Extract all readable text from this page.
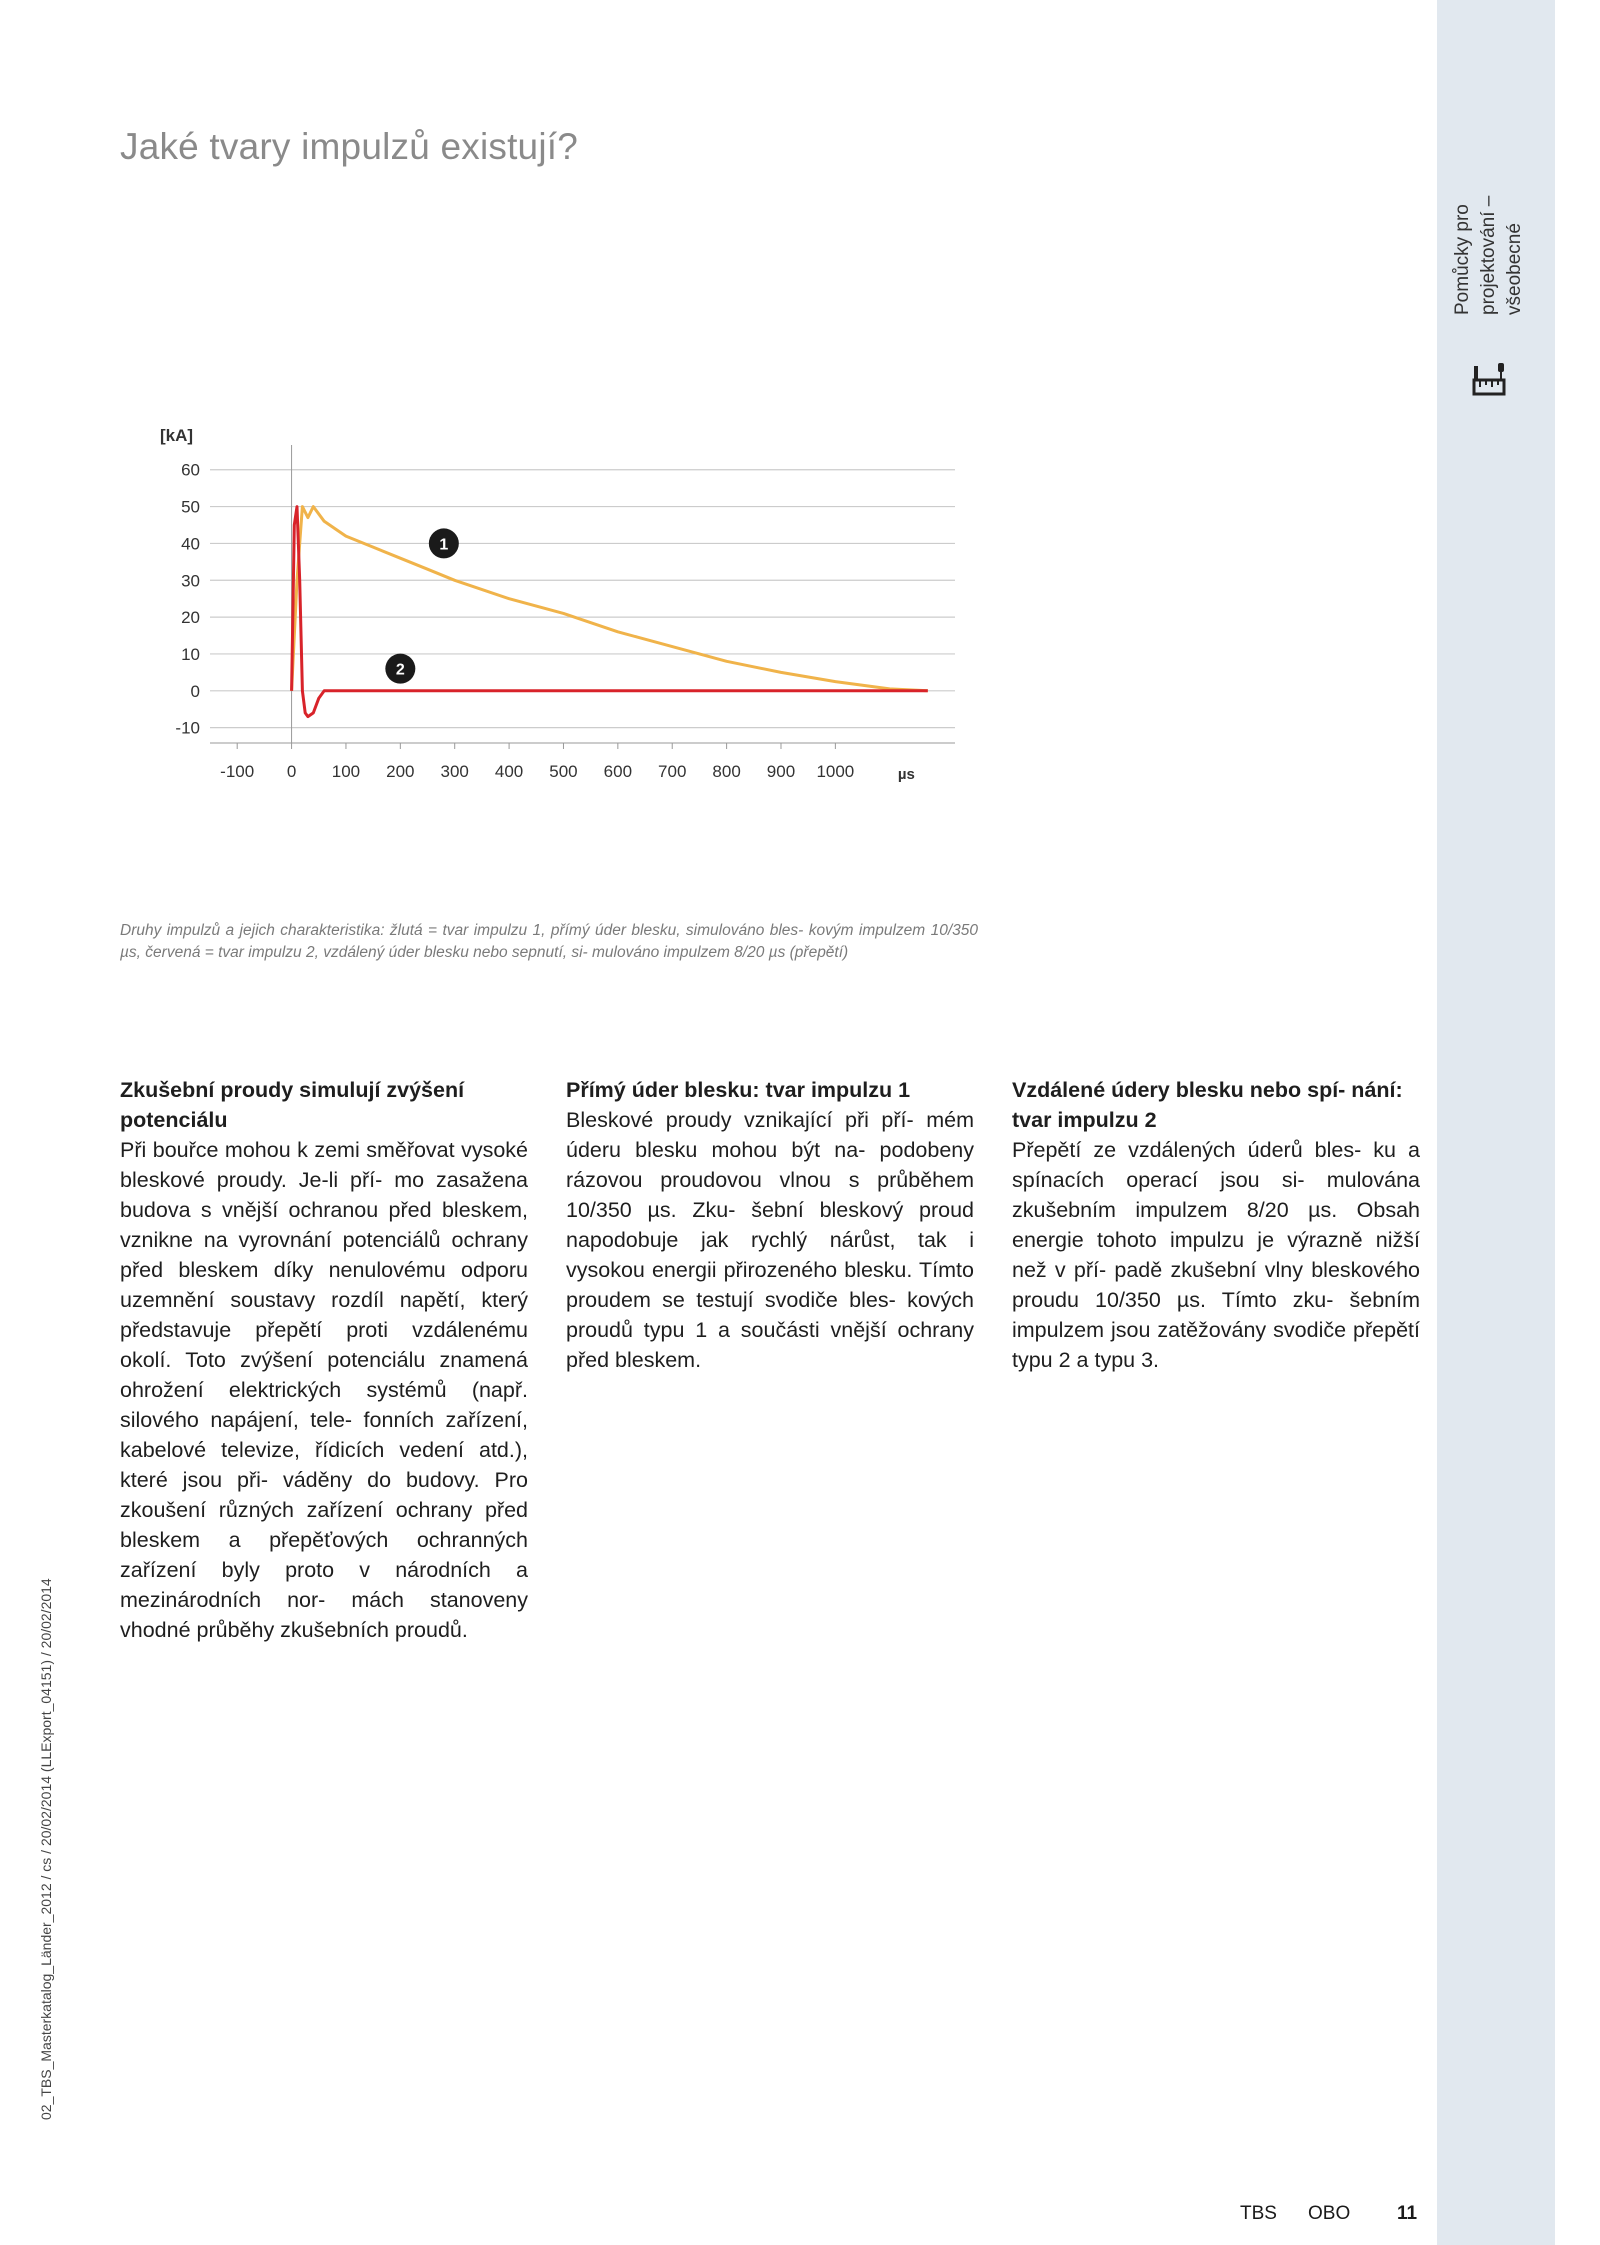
Pomůcky pro projektování – všeobecné
Jaké tvary impulzů existují?
60
50
40
30
20
10
0
-10
[kA]
-100 0 100 200 300 400 500 600 700 800 900 1000	µs
1
2

Druhy impulzů a jejich charakteristika: žlutá = tvar impulzu 1, přímý úder blesku, simulováno bles- kovým impulzem 10/350 µs, červená = tvar impulzu 2, vzdálený úder blesku nebo sepnutí, si- mulováno impulzem 8/20 µs (přepětí)

Zkušební proudy simulují zvýšení potenciálu

Při bouřce mohou k zemi směřovat vysoké bleskové proudy. Je-li pří- mo zasažena budova s vnější ochranou před bleskem, vznikne na vyrovnání potenciálů ochrany před bleskem díky nenulovému odporu uzemnění soustavy rozdíl napětí, který představuje přepětí proti vzdálenému okolí. Toto zvýšení potenciálu znamená ohrožení elektrických systémů (např. silového napájení, tele- fonních zařízení, kabelové televize, řídicích vedení atd.), které jsou při- váděny do budovy. Pro zkoušení různých zařízení ochrany před bleskem a přepěťových ochranných zařízení byly proto v národních a mezinárodních nor- mách stanoveny vhodné průběhy zkušebních proudů.

Přímý úder blesku: tvar impulzu 1

Bleskové proudy vznikající při pří- mém úderu blesku mohou být na- podobeny rázovou proudovou vlnou s průběhem 10/350 µs. Zku- šební bleskový proud napodobuje jak rychlý nárůst, tak i vysokou energii přirozeného blesku. Tímto proudem se testují svodiče bles- kových proudů typu 1 a součásti vnější ochrany před bleskem.

Vzdálené údery blesku nebo spí- nání: tvar impulzu 2

Přepětí ze vzdálených úderů bles- ku a spínacích operací jsou si- mulována zkušebním impulzem 8/20 µs. Obsah energie tohoto impulzu je výrazně nižší než v pří- padě zkušební vlny bleskového proudu 10/350 µs. Tímto zku- šebním impulzem jsou zatěžovány svodiče přepětí typu 2 a typu 3.

02_TBS_Masterkatalog_Länder_2012 / cs / 20/02/2014 (LLExport_04151) / 20/02/2014
TBS OBO 11
